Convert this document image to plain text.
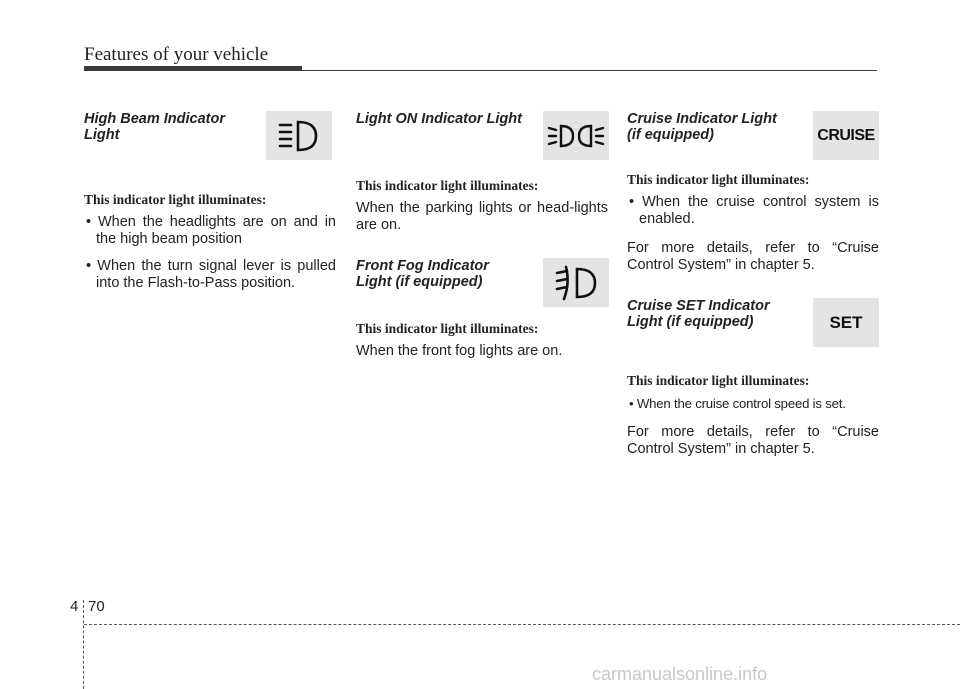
Features of your vehicle
High Beam Indicator
Light

This indicator light illuminates:

• When the headlights are on and in the high beam position
• When the turn signal lever is pulled into the Flash-to-Pass position.
Light ON Indicator Light

This indicator light illuminates:

When the parking lights or head-lights are on.

Front Fog Indicator
Light (if equipped)

This indicator light illuminates:

When the front fog lights are on.

Cruise Indicator Light
(if equipped)	CRUISE

This indicator light illuminates:

• When the cruise control system is enabled.

For more details, refer to “Cruise Control System” in chapter 5.

Cruise SET Indicator
Light (if equipped)	SET

This indicator light illuminates:

• When the cruise control speed is set.

For more details, refer to “Cruise Control System” in chapter 5.

4 70
carmanualsonline.info
